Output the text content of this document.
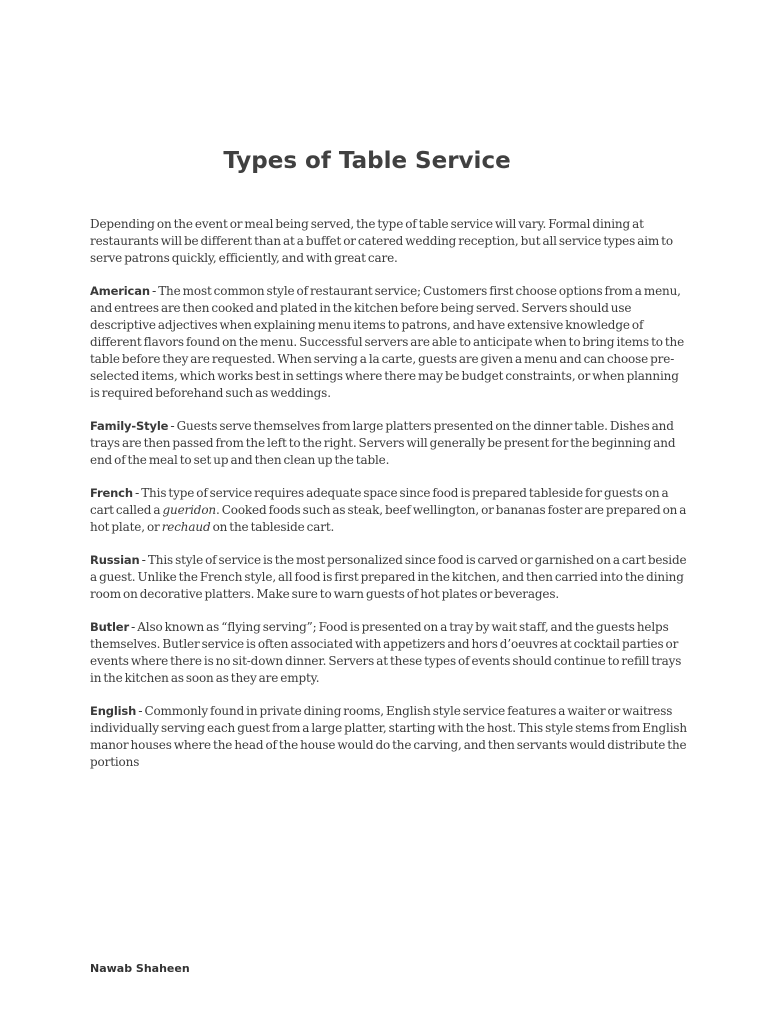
Types of Table Service

Depending on the event or meal being served, the type of table service will vary. Formal dining at restaurants will be different than at a buffet or catered wedding reception, but all service types aim to serve patrons quickly, efficiently, and with great care.

American - The most common style of restaurant service; Customers first choose options from a menu, and entrees are then cooked and plated in the kitchen before being served. Servers should use descriptive adjectives when explaining menu items to patrons, and have extensive knowledge of different flavors found on the menu. Successful servers are able to anticipate when to bring items to the table before they are requested. When serving a la carte, guests are given a menu and can choose pre-selected items, which works best in settings where there may be budget constraints, or when planning is required beforehand such as weddings.

Family-Style - Guests serve themselves from large platters presented on the dinner table. Dishes and trays are then passed from the left to the right. Servers will generally be present for the beginning and end of the meal to set up and then clean up the table.

French - This type of service requires adequate space since food is prepared tableside for guests on a cart called a gueridon. Cooked foods such as steak, beef wellington, or bananas foster are prepared on a hot plate, or rechaud on the tableside cart.

Russian - This style of service is the most personalized since food is carved or garnished on a cart beside a guest. Unlike the French style, all food is first prepared in the kitchen, and then carried into the dining room on decorative platters. Make sure to warn guests of hot plates or beverages.

Butler - Also known as “flying serving”; Food is presented on a tray by wait staff, and the guests helps themselves. Butler service is often associated with appetizers and hors d’oeuvres at cocktail parties or events where there is no sit-down dinner. Servers at these types of events should continue to refill trays in the kitchen as soon as they are empty.

English - Commonly found in private dining rooms, English style service features a waiter or waitress individually serving each guest from a large platter, starting with the host. This style stems from English manor houses where the head of the house would do the carving, and then servants would distribute the portions

Nawab Shaheen
